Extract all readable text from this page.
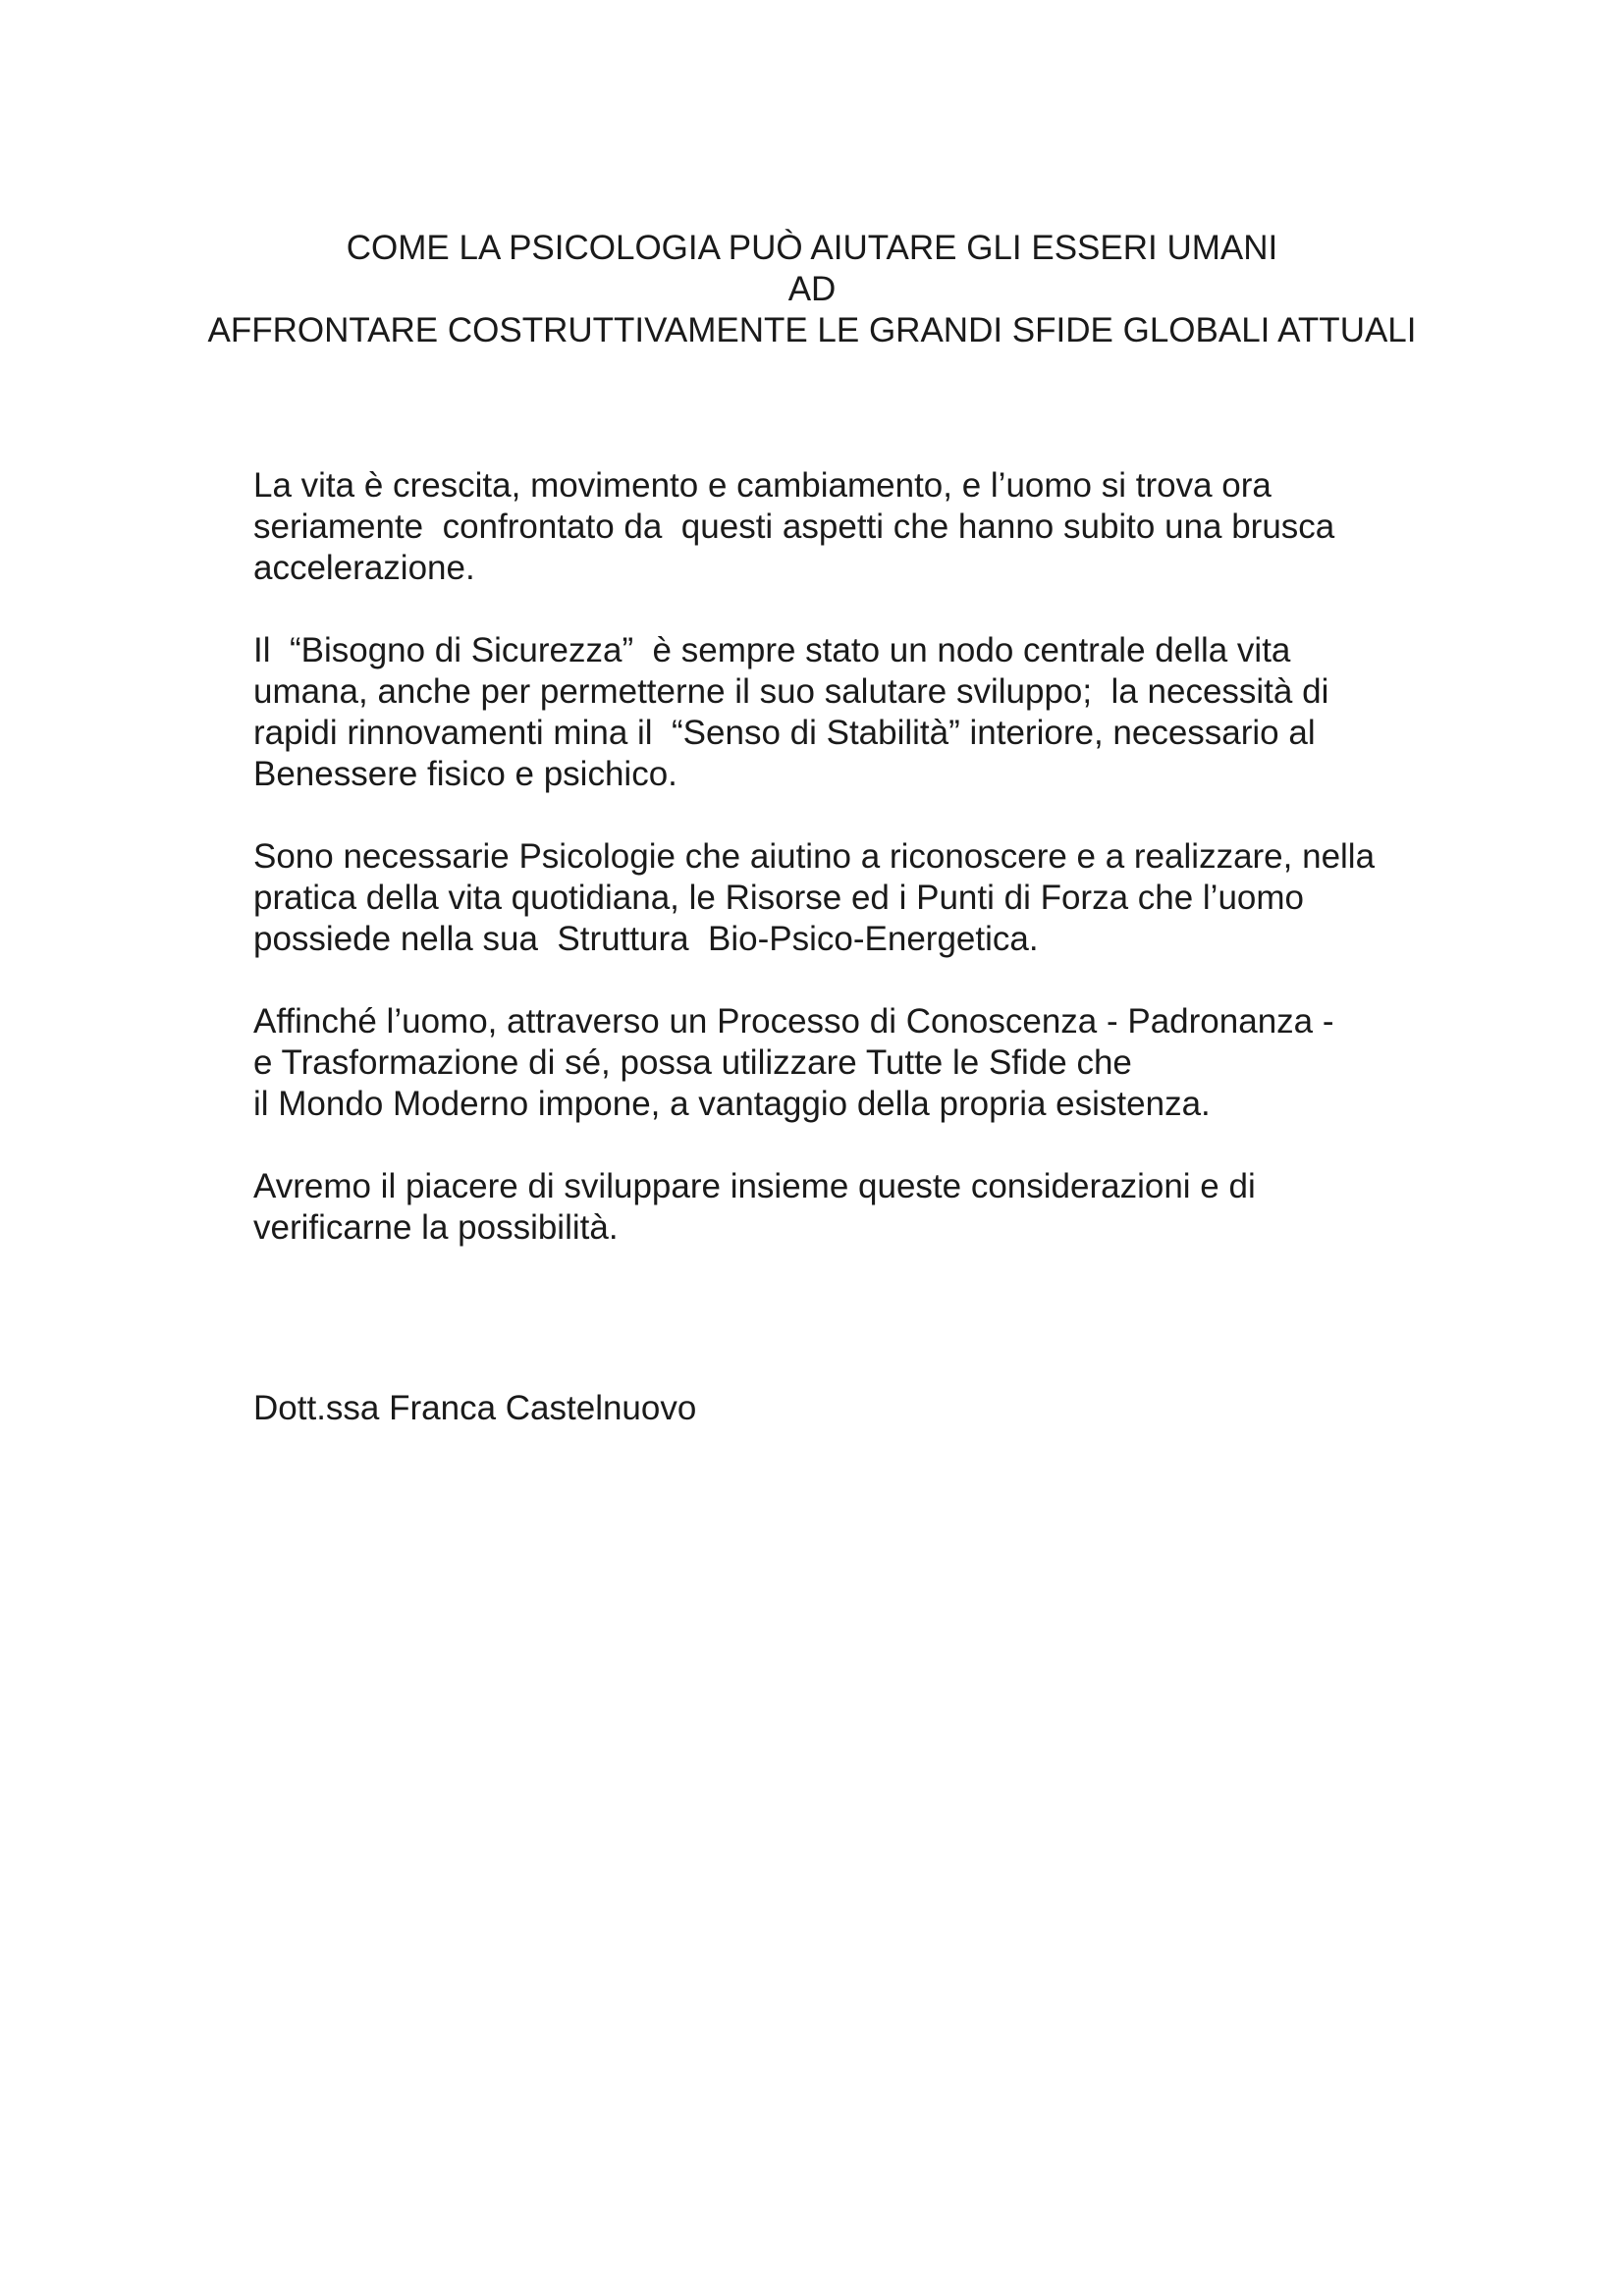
COME LA PSICOLOGIA PUÒ AIUTARE GLI ESSERI UMANI
AD
AFFRONTARE COSTRUTTIVAMENTE LE GRANDI SFIDE GLOBALI ATTUALI
La vita è crescita, movimento e cambiamento, e l’uomo si trova ora
seriamente  confrontato da  questi aspetti che hanno subito una brusca
accelerazione.
Il  “Bisogno di Sicurezza”  è sempre stato un nodo centrale della vita
umana, anche per permetterne il suo salutare sviluppo;  la necessità di
rapidi rinnovamenti mina il  “Senso di Stabilità” interiore, necessario al
Benessere fisico e psichico.
Sono necessarie Psicologie che aiutino a riconoscere e a realizzare, nella
pratica della vita quotidiana, le Risorse ed i Punti di Forza che l’uomo
possiede nella sua  Struttura  Bio-Psico-Energetica.
Affinché l’uomo, attraverso un Processo di Conoscenza - Padronanza -
e Trasformazione di sé, possa utilizzare Tutte le Sfide che
il Mondo Moderno impone, a vantaggio della propria esistenza.
Avremo il piacere di sviluppare insieme queste considerazioni e di
verificarne la possibilità.
Dott.ssa Franca Castelnuovo
